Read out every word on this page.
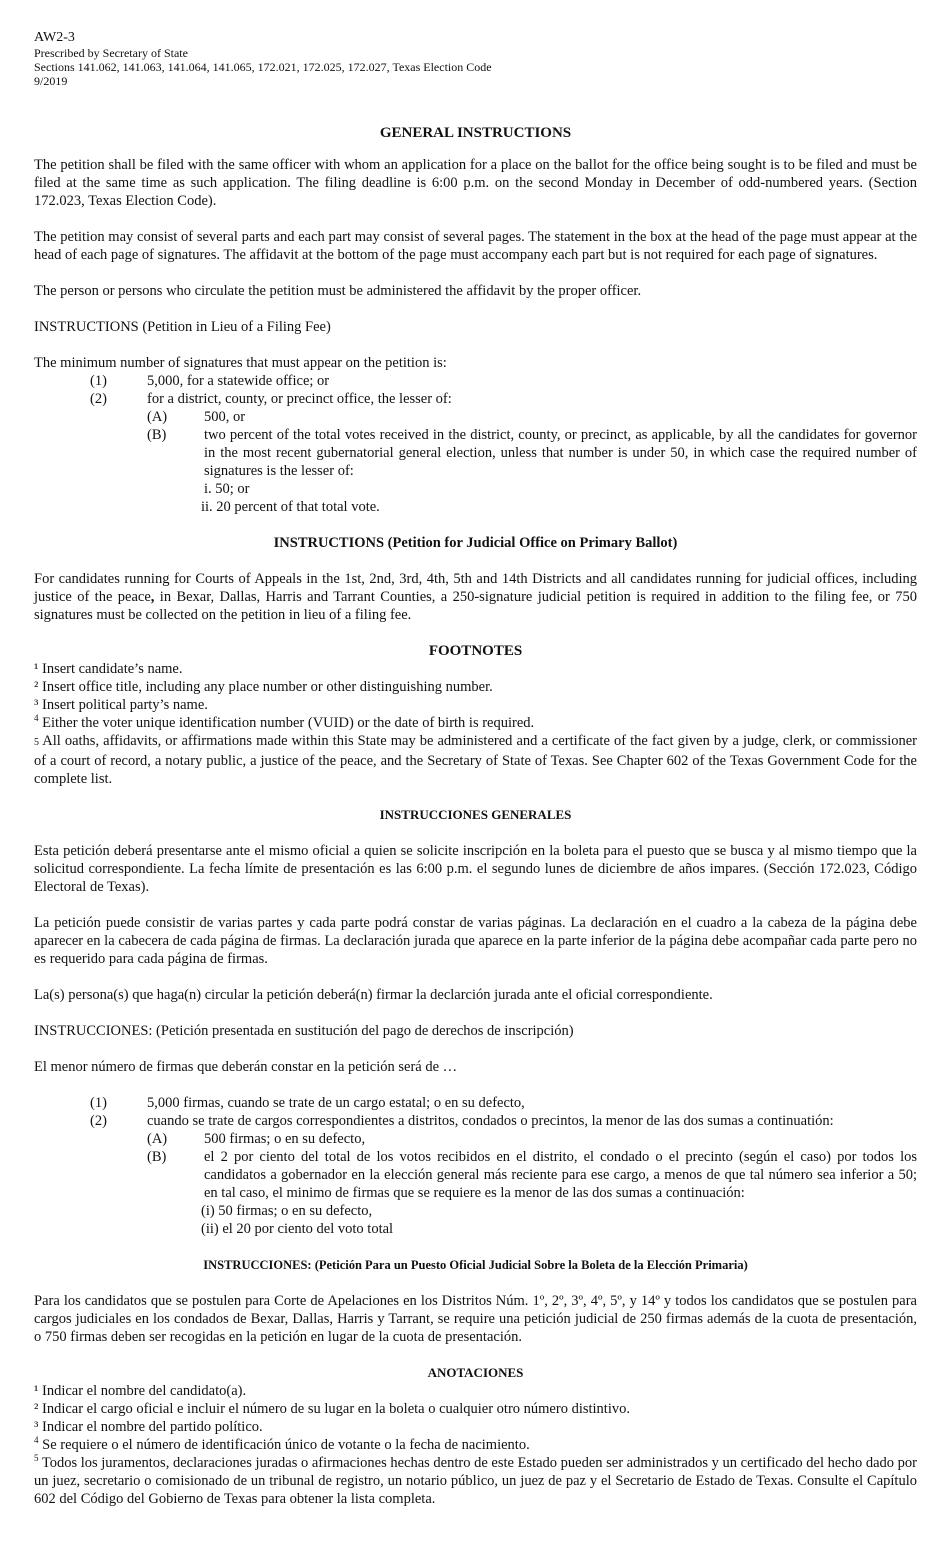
AW2-3
Prescribed by Secretary of State
Sections 141.062, 141.063, 141.064, 141.065, 172.021, 172.025, 172.027, Texas Election Code
9/2019

GENERAL INSTRUCTIONS

The petition shall be filed with the same officer with whom an application for a place on the ballot for the office being sought is to be filed and must be filed at the same time as such application. The filing deadline is 6:00 p.m. on the second Monday in December of odd-numbered years. (Section 172.023, Texas Election Code).

The petition may consist of several parts and each part may consist of several pages. The statement in the box at the head of the page must appear at the head of each page of signatures. The affidavit at the bottom of the page must accompany each part but is not required for each page of signatures.

The person or persons who circulate the petition must be administered the affidavit by the proper officer.

INSTRUCTIONS (Petition in Lieu of a Filing Fee)

The minimum number of signatures that must appear on the petition is:

(1)	5,000, for a statewide office; or
(2)	for a district, county, or precinct office, the lesser of:
(A)	500, or
(B)	two percent of the total votes received in the district, county, or precinct, as applicable, by all the candidates for governor in the most recent gubernatorial general election, unless that number is under 50, in which case the required number of signatures is the lesser of:
i. 50; or
ii. 20 percent of that total vote.

INSTRUCTIONS (Petition for Judicial Office on Primary Ballot)

For candidates running for Courts of Appeals in the 1st, 2nd, 3rd, 4th, 5th and 14th Districts and all candidates running for judicial offices, including justice of the peace, in Bexar, Dallas, Harris and Tarrant Counties, a 250-signature judicial petition is required in addition to the filing fee, or 750 signatures must be collected on the petition in lieu of a filing fee.

FOOTNOTES

¹ Insert candidate’s name.

² Insert office title, including any place number or other distinguishing number.

³ Insert political party’s name.

$^4$ Either the voter unique identification number (VUID) or the date of birth is required.

5 All oaths, affidavits, or affirmations made within this State may be administered and a certificate of the fact given by a judge, clerk, or commissioner of a court of record, a notary public, a justice of the peace, and the Secretary of State of Texas. See Chapter 602 of the Texas Government Code for the complete list.

INSTRUCCIONES GENERALES

Esta petición deberá presentarse ante el mismo oficial a quien se solicite inscripción en la boleta para el puesto que se busca y al mismo tiempo que la solicitud correspondiente. La fecha límite de presentación es las 6:00 p.m. el segundo lunes de diciembre de años impares. (Sección 172.023, Código Electoral de Texas).

La petición puede consistir de varias partes y cada parte podrá constar de varias páginas. La declaración en el cuadro a la cabeza de la página debe aparecer en la cabecera de cada página de firmas. La declaración jurada que aparece en la parte inferior de la página debe acompañar cada parte pero no es requerido para cada página de firmas.

La(s) persona(s) que haga(n) circular la petición deberá(n) firmar la declarción jurada ante el oficial correspondiente.

INSTRUCCIONES: (Petición presentada en sustitución del pago de derechos de inscripción)

El menor número de firmas que deberán constar en la petición será de …

(1)	5,000 firmas, cuando se trate de un cargo estatal; o en su defecto,
(2)	cuando se trate de cargos correspondientes a distritos, condados o precintos, la menor de las dos sumas a continuatión:
(A)	500 firmas; o en su defecto,
(B)	el 2 por ciento del total de los votos recibidos en el distrito, el condado o el precinto (según el caso) por todos los candidatos a gobernador en la elección general más reciente para ese cargo, a menos de que tal número sea inferior a 50; en tal caso, el minimo de firmas que se requiere es la menor de las dos sumas a continuación:
(i) 50 firmas; o en su defecto,
(ii) el 20 por ciento del voto total

INSTRUCCIONES: (Petición Para un Puesto Oficial Judicial Sobre la Boleta de la Elección Primaria)

Para los candidatos que se postulen para Corte de Apelaciones en los Distritos Núm. 1º, 2º, 3º, 4º, 5º, y 14º y todos los candidatos que se postulen para cargos judiciales en los condados de Bexar, Dallas, Harris y Tarrant, se require una petición judicial de 250 firmas además de la cuota de presentación, o 750 firmas deben ser recogidas en la petición en lugar de la cuota de presentación.

ANOTACIONES

¹ Indicar el nombre del candidato(a).

² Indicar el cargo oficial e incluir el número de su lugar en la boleta o cualquier otro número distintivo.

³ Indicar el nombre del partido político.

$^4$ Se requiere o el número de identificación único de votante o la fecha de nacimiento.

$^5$ Todos los juramentos, declaraciones juradas o afirmaciones hechas dentro de este Estado pueden ser administrados y un certificado del hecho dado por un juez, secretario o comisionado de un tribunal de registro, un notario público, un juez de paz y el Secretario de Estado de Texas. Consulte el Capítulo 602 del Código del Gobierno de Texas para obtener la lista completa.
